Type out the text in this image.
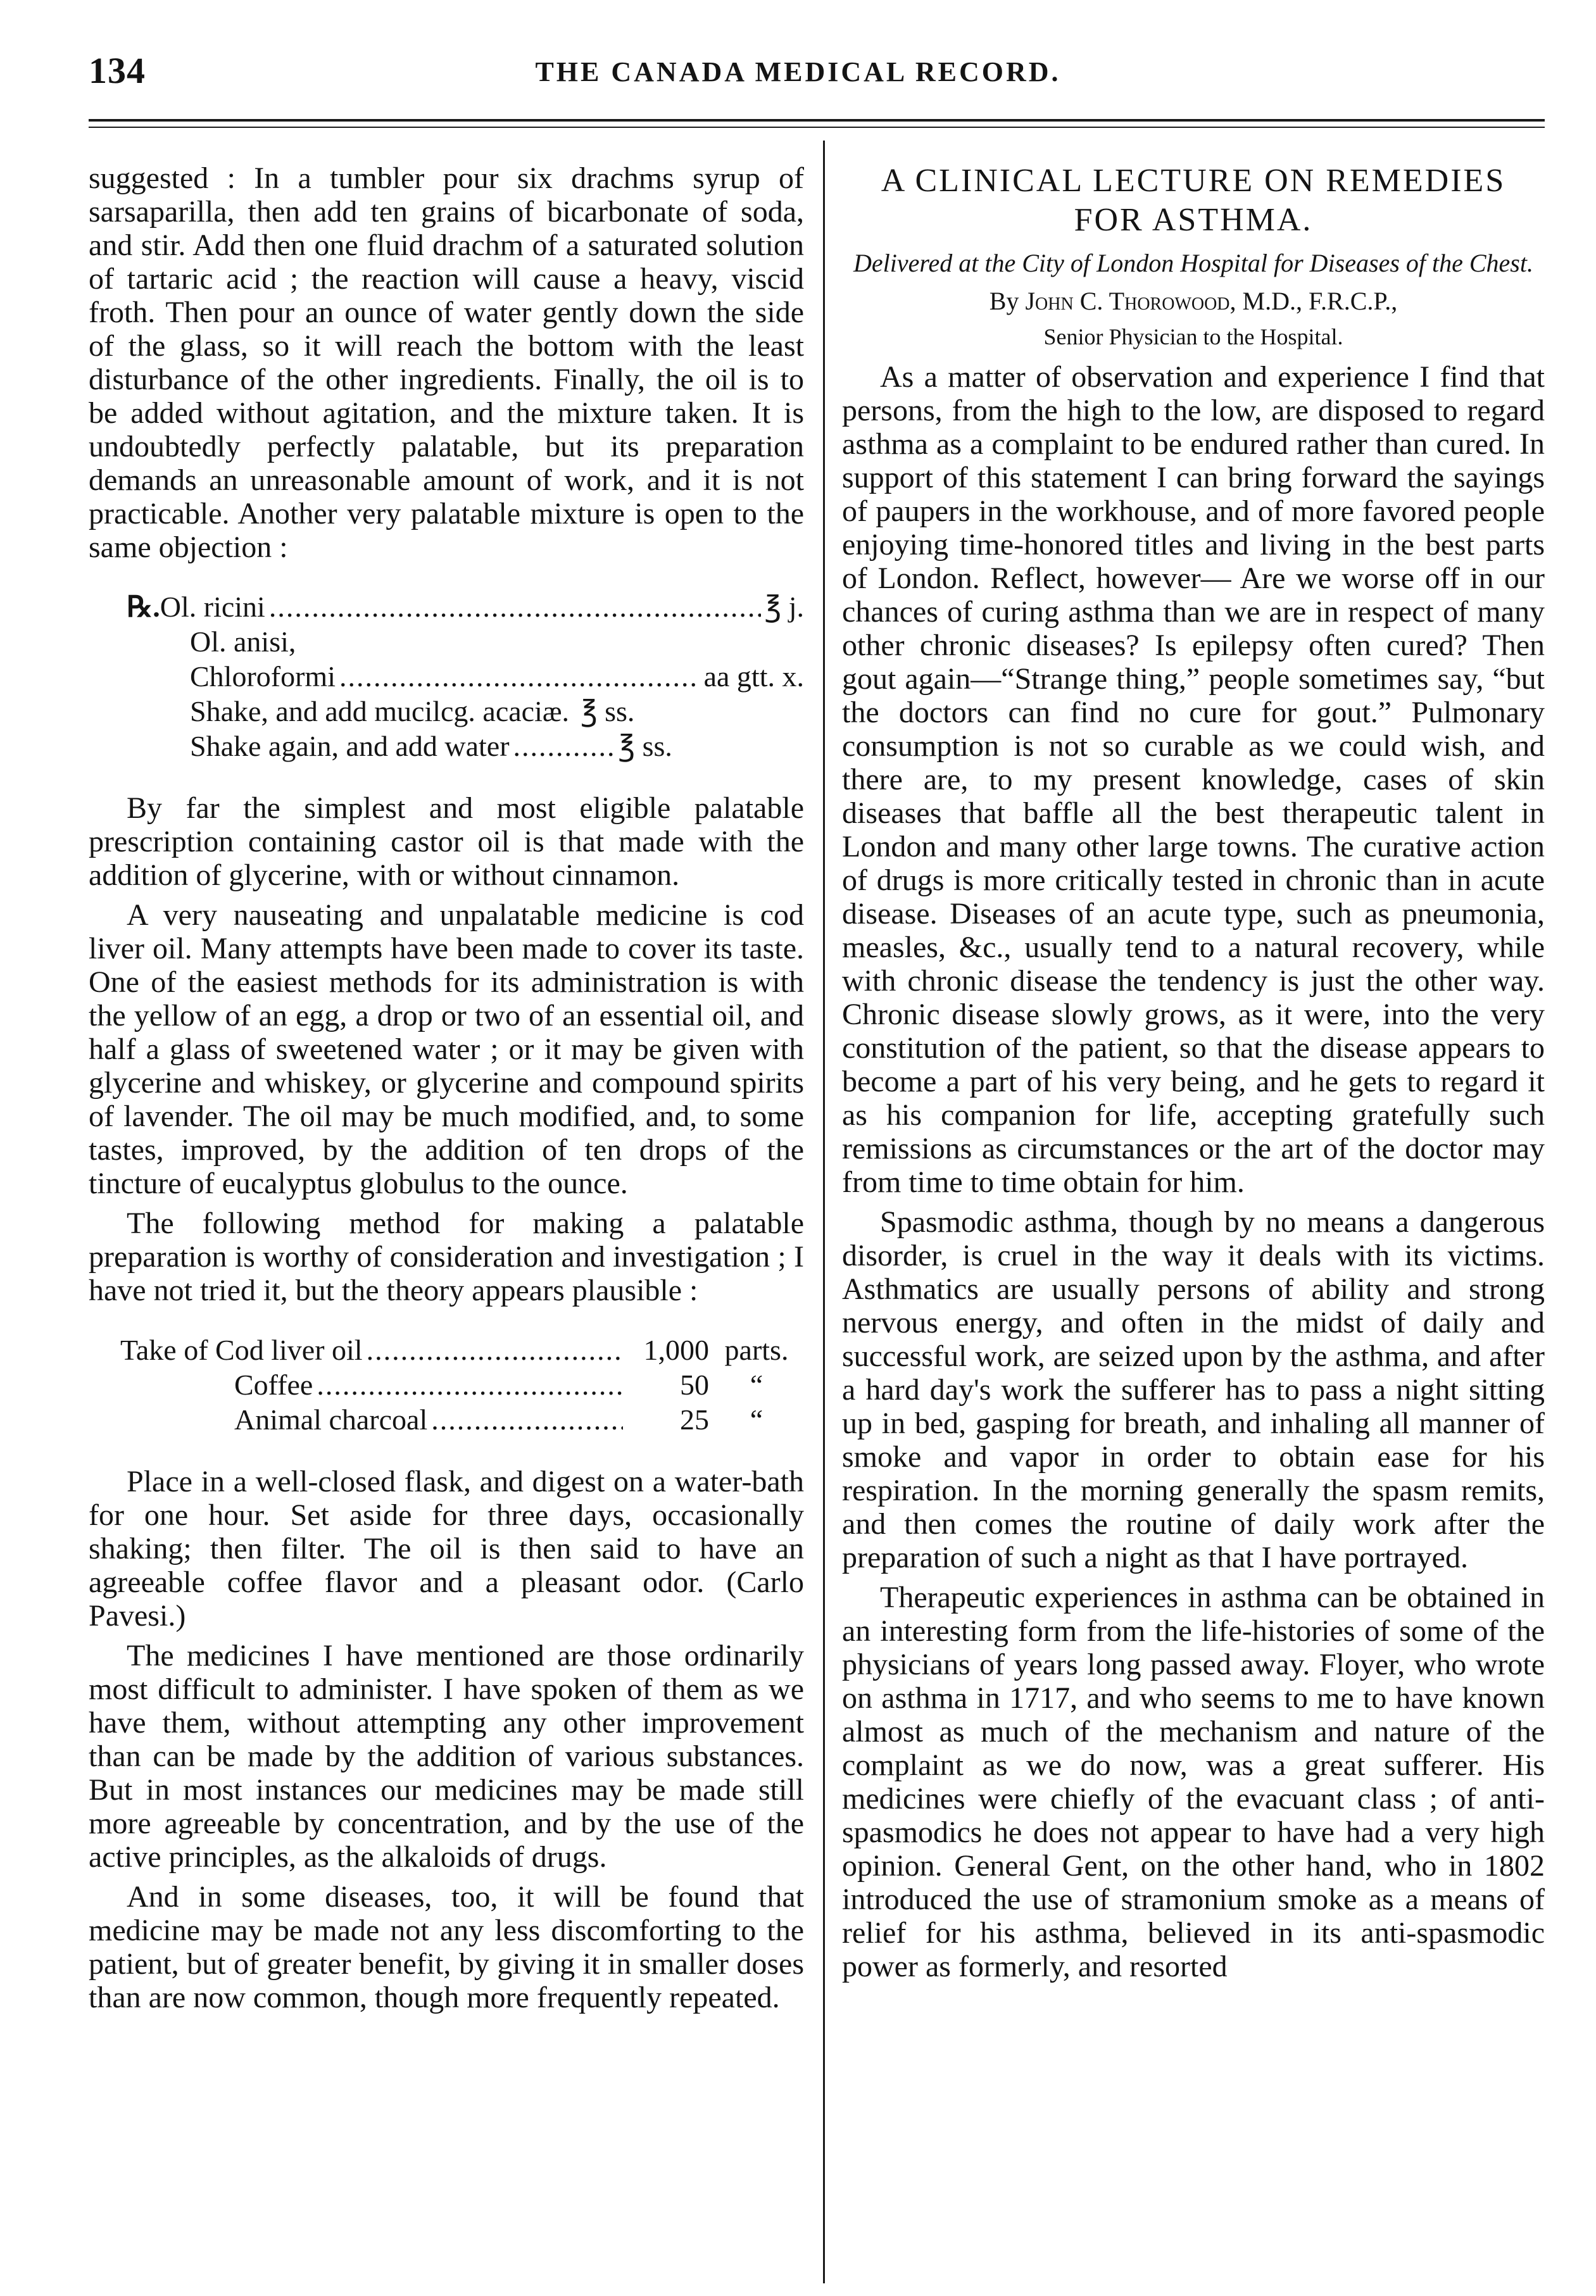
134	THE CANADA MEDICAL RECORD.

suggested : In a tumbler pour six drachms syrup of sarsaparilla, then add ten grains of bicarbonate of soda, and stir. Add then one fluid drachm of a saturated solution of tartaric acid ; the reaction will cause a heavy, viscid froth. Then pour an ounce of water gently down the side of the glass, so it will reach the bottom with the least disturbance of the other ingredients. Finally, the oil is to be added without agitation, and the mixture taken. It is undoubtedly perfectly palatable, but its preparation demands an unreasonable amount of work, and it is not practicable. Another very palatable mixture is open to the same objection :

℞. Ol. ricini .....	℥ j.
Ol. anisi,
Chloroformi .....	aa gtt. x.
Shake, and add mucilcg. acaciæ. ℥ ss.
Shake again, and add water .....	℥ ss.

By far the simplest and most eligible palatable prescription containing castor oil is that made with the addition of glycerine, with or without cinnamon.

A very nauseating and unpalatable medicine is cod liver oil. Many attempts have been made to cover its taste. One of the easiest methods for its administration is with the yellow of an egg, a drop or two of an essential oil, and half a glass of sweetened water ; or it may be given with glycerine and whiskey, or glycerine and compound spirits of lavender. The oil may be much modified, and, to some tastes, improved, by the addition of ten drops of the tincture of eucalyptus globulus to the ounce.

The following method for making a palatable preparation is worthy of consideration and investigation ; I have not tried it, but the theory appears plausible :

Take of Cod liver oil .....	1,000 parts.
Coffee .....	50	“
Animal charcoal .....	25	“

Place in a well-closed flask, and digest on a water-bath for one hour. Set aside for three days, occasionally shaking; then filter. The oil is then said to have an agreeable coffee flavor and a pleasant odor. (Carlo Pavesi.)

The medicines I have mentioned are those ordinarily most difficult to administer. I have spoken of them as we have them, without attempting any other improvement than can be made by the addition of various substances. But in most instances our medicines may be made still more agreeable by concentration, and by the use of the active principles, as the alkaloids of drugs.

And in some diseases, too, it will be found that medicine may be made not any less discomforting to the patient, but of greater benefit, by giving it in smaller doses than are now common, though more frequently repeated.

A CLINICAL LECTURE ON REMEDIES
FOR ASTHMA.
Delivered at the City of London Hospital for Diseases of the Chest.
By John C. Thorowood, M.D., F.R.C.P.,
Senior Physician to the Hospital.

As a matter of observation and experience I find that persons, from the high to the low, are disposed to regard asthma as a complaint to be endured rather than cured. In support of this statement I can bring forward the sayings of paupers in the workhouse, and of more favored people enjoying time-honored titles and living in the best parts of London. Reflect, however— Are we worse off in our chances of curing asthma than we are in respect of many other chronic diseases? Is epilepsy often cured? Then gout again—“Strange thing,” people sometimes say, “but the doctors can find no cure for gout.” Pulmonary consumption is not so curable as we could wish, and there are, to my present knowledge, cases of skin diseases that baffle all the best therapeutic talent in London and many other large towns. The curative action of drugs is more critically tested in chronic than in acute disease. Diseases of an acute type, such as pneumonia, measles, &c., usually tend to a natural recovery, while with chronic disease the tendency is just the other way. Chronic disease slowly grows, as it were, into the very constitution of the patient, so that the disease appears to become a part of his very being, and he gets to regard it as his companion for life, accepting gratefully such remissions as circumstances or the art of the doctor may from time to time obtain for him.

Spasmodic asthma, though by no means a dangerous disorder, is cruel in the way it deals with its victims. Asthmatics are usually persons of ability and strong nervous energy, and often in the midst of daily and successful work, are seized upon by the asthma, and after a hard day's work the sufferer has to pass a night sitting up in bed, gasping for breath, and inhaling all manner of smoke and vapor in order to obtain ease for his respiration. In the morning generally the spasm remits, and then comes the routine of daily work after the preparation of such a night as that I have portrayed.

Therapeutic experiences in asthma can be obtained in an interesting form from the life-histories of some of the physicians of years long passed away. Floyer, who wrote on asthma in 1717, and who seems to me to have known almost as much of the mechanism and nature of the complaint as we do now, was a great sufferer. His medicines were chiefly of the evacuant class ; of anti-spasmodics he does not appear to have had a very high opinion. General Gent, on the other hand, who in 1802 introduced the use of stramonium smoke as a means of relief for his asthma, believed in its anti-spasmodic power as formerly, and resorted
